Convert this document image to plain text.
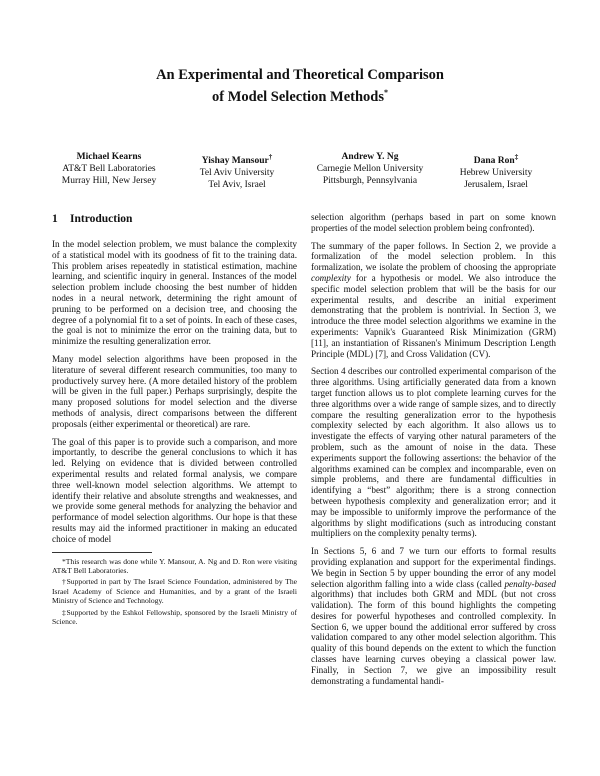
An Experimental and Theoretical Comparison
of Model Selection Methods*
Michael Kearns
AT&T Bell Laboratories
Murray Hill, New Jersey
Yishay Mansour†
Tel Aviv University
Tel Aviv, Israel
Andrew Y. Ng
Carnegie Mellon University
Pittsburgh, Pennsylvania
Dana Ron‡
Hebrew University
Jerusalem, Israel
1 Introduction

In the model selection problem, we must balance the complexity of a statistical model with its goodness of fit to the training data. This problem arises repeatedly in statistical estimation, machine learning, and scientific inquiry in general. Instances of the model selection problem include choosing the best number of hidden nodes in a neural network, determining the right amount of pruning to be performed on a decision tree, and choosing the degree of a polynomial fit to a set of points. In each of these cases, the goal is not to minimize the error on the training data, but to minimize the resulting generalization error.

Many model selection algorithms have been proposed in the literature of several different research communities, too many to productively survey here. (A more detailed history of the problem will be given in the full paper.) Perhaps surprisingly, despite the many proposed solutions for model selection and the diverse methods of analysis, direct comparisons between the different proposals (either experimental or theoretical) are rare.

The goal of this paper is to provide such a comparison, and more importantly, to describe the general conclusions to which it has led. Relying on evidence that is divided between controlled experimental results and related formal analysis, we compare three well-known model selection algorithms. We attempt to identify their relative and absolute strengths and weaknesses, and we provide some general methods for analyzing the behavior and performance of model selection algorithms. Our hope is that these results may aid the informed practitioner in making an educated choice of model

*This research was done while Y. Mansour, A. Ng and D. Ron were visiting AT&T Bell Laboratories.

†Supported in part by The Israel Science Foundation, administered by The Israel Academy of Science and Humanities, and by a grant of the Israeli Ministry of Science and Technology.

‡Supported by the Eshkol Fellowship, sponsored by the Israeli Ministry of Science.

selection algorithm (perhaps based in part on some known properties of the model selection problem being confronted).

The summary of the paper follows. In Section 2, we provide a formalization of the model selection problem. In this formalization, we isolate the problem of choosing the appropriate complexity for a hypothesis or model. We also introduce the specific model selection problem that will be the basis for our experimental results, and describe an initial experiment demonstrating that the problem is nontrivial. In Section 3, we introduce the three model selection algorithms we examine in the experiments: Vapnik's Guaranteed Risk Minimization (GRM) [11], an instantiation of Rissanen's Minimum Description Length Principle (MDL) [7], and Cross Validation (CV).

Section 4 describes our controlled experimental comparison of the three algorithms. Using artificially generated data from a known target function allows us to plot complete learning curves for the three algorithms over a wide range of sample sizes, and to directly compare the resulting generalization error to the hypothesis complexity selected by each algorithm. It also allows us to investigate the effects of varying other natural parameters of the problem, such as the amount of noise in the data. These experiments support the following assertions: the behavior of the algorithms examined can be complex and incomparable, even on simple problems, and there are fundamental difficulties in identifying a “best” algorithm; there is a strong connection between hypothesis complexity and generalization error; and it may be impossible to uniformly improve the performance of the algorithms by slight modifications (such as introducing constant multipliers on the complexity penalty terms).

In Sections 5, 6 and 7 we turn our efforts to formal results providing explanation and support for the experimental findings. We begin in Section 5 by upper bounding the error of any model selection algorithm falling into a wide class (called penalty-based algorithms) that includes both GRM and MDL (but not cross validation). The form of this bound highlights the competing desires for powerful hypotheses and controlled complexity. In Section 6, we upper bound the additional error suffered by cross validation compared to any other model selection algorithm. This quality of this bound depends on the extent to which the function classes have learning curves obeying a classical power law. Finally, in Section 7, we give an impossibility result demonstrating a fundamental handi-
